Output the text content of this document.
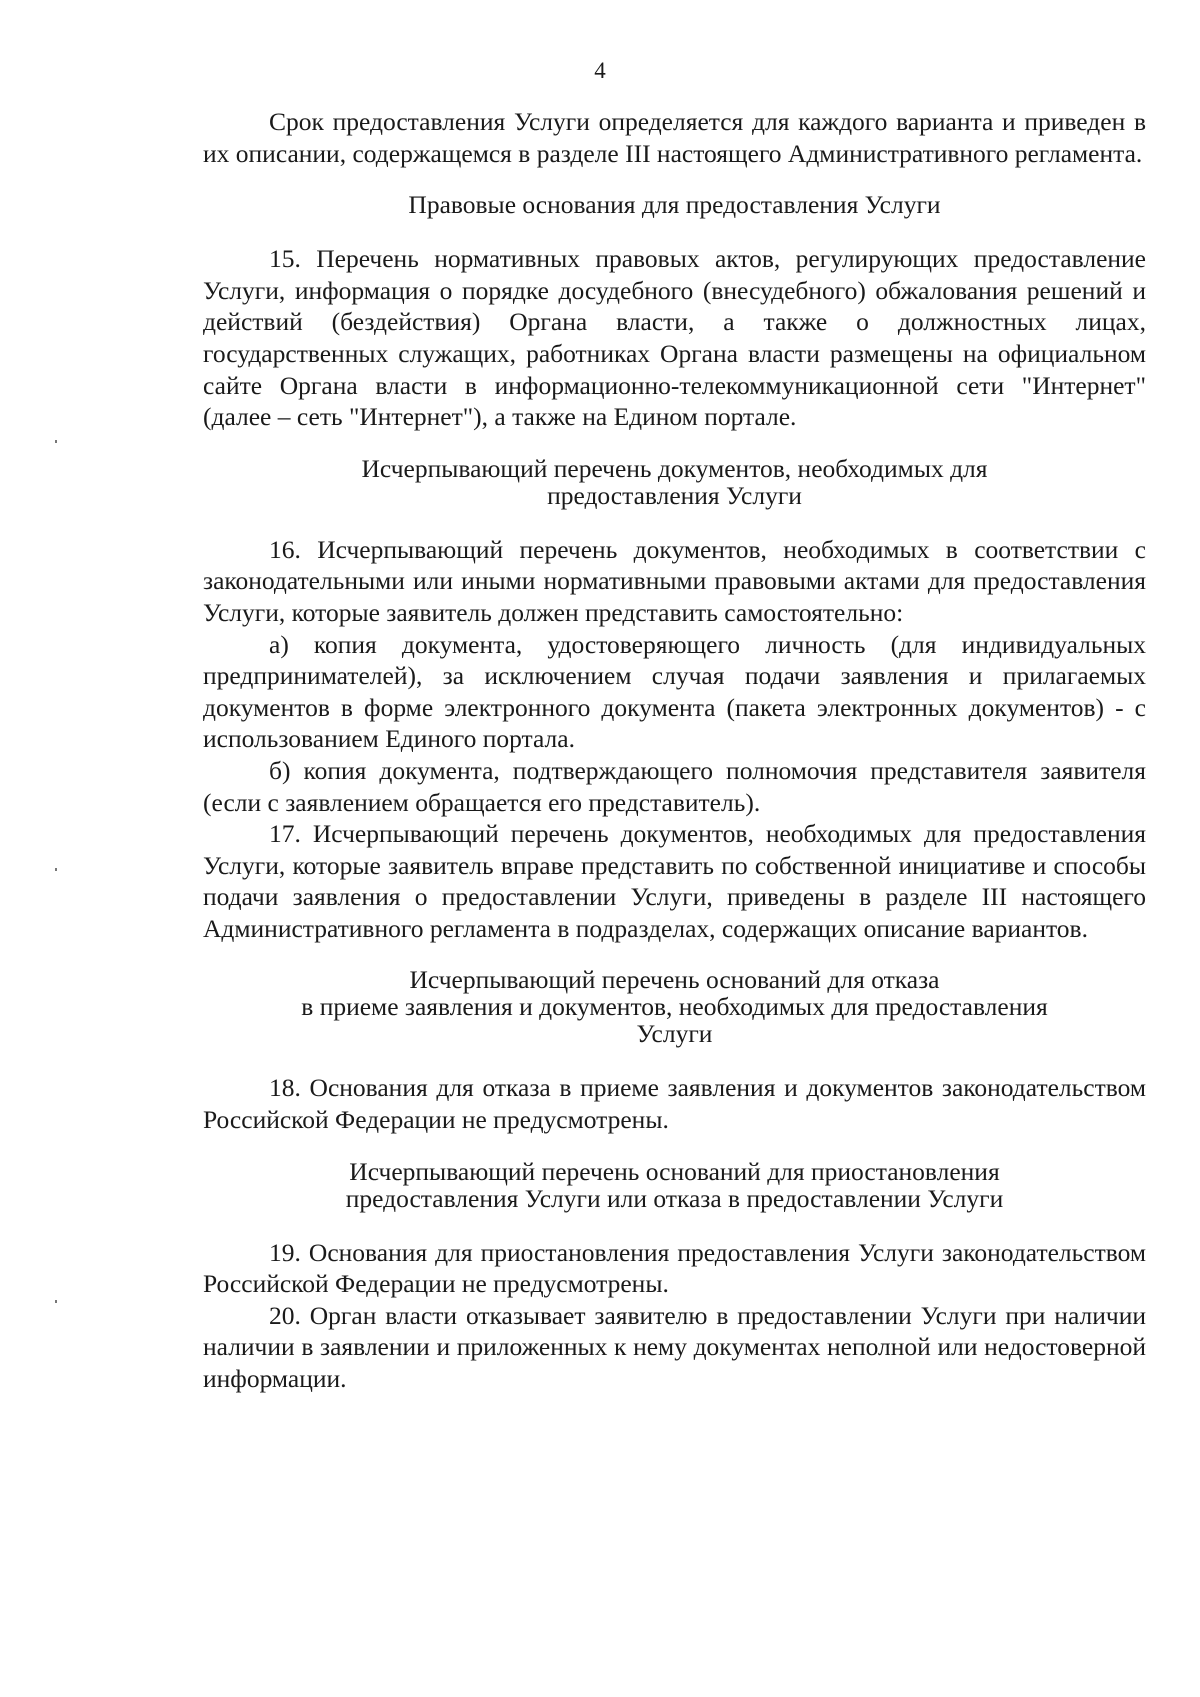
4

Срок предоставления Услуги определяется для каждого варианта и приведен в их описании, содержащемся в разделе III настоящего Административного регламента.

Правовые основания для предоставления Услуги

15. Перечень нормативных правовых актов, регулирующих предоставление Услуги, информация о порядке досудебного (внесудебного) обжалования решений и действий (бездействия) Органа власти, а также о должностных лицах, государственных служащих, работниках Органа власти размещены на официальном сайте Органа власти в информационно-телекоммуникационной сети "Интернет" (далее – сеть "Интернет"), а также на Едином портале.

Исчерпывающий перечень документов, необходимых для
предоставления Услуги

16. Исчерпывающий перечень документов, необходимых в соответствии с законодательными или иными нормативными правовыми актами для предоставления Услуги, которые заявитель должен представить самостоятельно:

а) копия документа, удостоверяющего личность (для индивидуальных предпринимателей), за исключением случая подачи заявления и прилагаемых документов в форме электронного документа (пакета электронных документов) - с использованием Единого портала.

б) копия документа, подтверждающего полномочия представителя заявителя (если с заявлением обращается его представитель).

17. Исчерпывающий перечень документов, необходимых для предоставления Услуги, которые заявитель вправе представить по собственной инициативе и способы подачи заявления о предоставлении Услуги, приведены в разделе III настоящего Административного регламента в подразделах, содержащих описание вариантов.

Исчерпывающий перечень оснований для отказа
в приеме заявления и документов, необходимых для предоставления
Услуги

18. Основания для отказа в приеме заявления и документов законодательством Российской Федерации не предусмотрены.

Исчерпывающий перечень оснований для приостановления
предоставления Услуги или отказа в предоставлении Услуги

19. Основания для приостановления предоставления Услуги законодательством Российской Федерации не предусмотрены.

20. Орган власти отказывает заявителю в предоставлении Услуги при наличии наличии в заявлении и приложенных к нему документах неполной или недостоверной информации.
